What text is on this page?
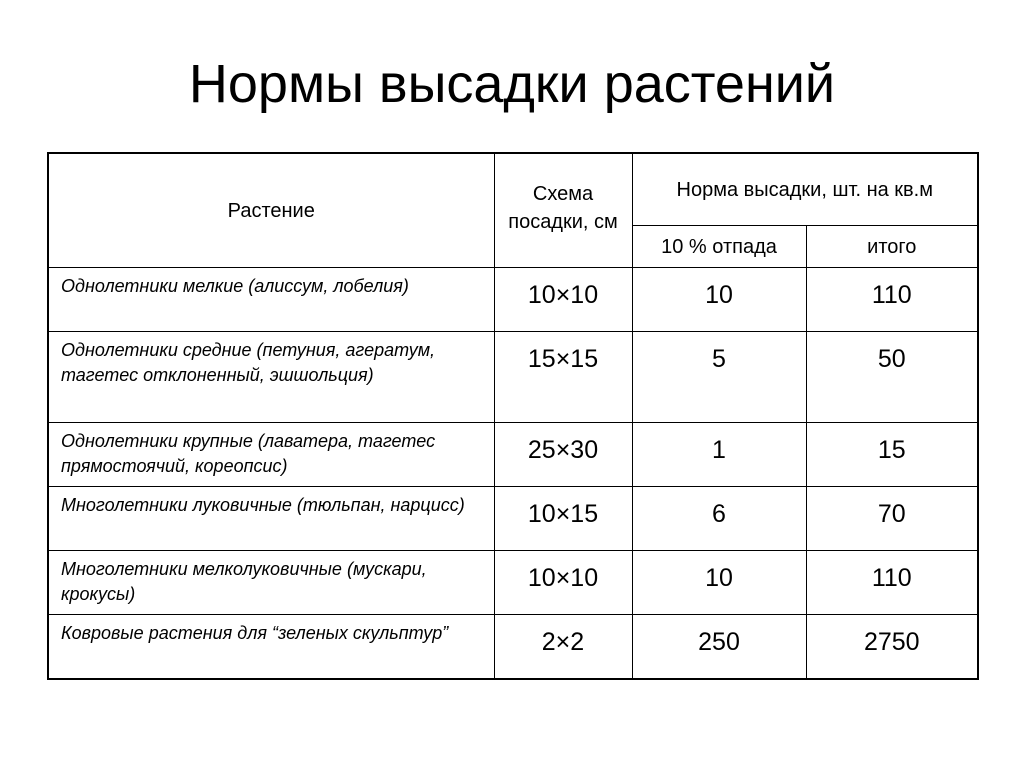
Нормы высадки растений
Растение	Схема посадки, см	Норма высадки, шт. на кв.м	
		10 % отпада	итого
Однолетники мелкие (алиссум, лобелия)	10×10	10	110
Однолетники средние (петуния, агератум, тагетес отклоненный, эшшольция)	15×15	5	50
Однолетники крупные (лаватера, тагетес прямостоячий, кореопсис)	25×30	1	15
Многолетники луковичные (тюльпан, нарцисс)	10×15	6	70
Многолетники мелколуковичные (мускари, крокусы)	10×10	10	110
Ковровые растения для “зеленых скульптур”	2×2	250	2750
